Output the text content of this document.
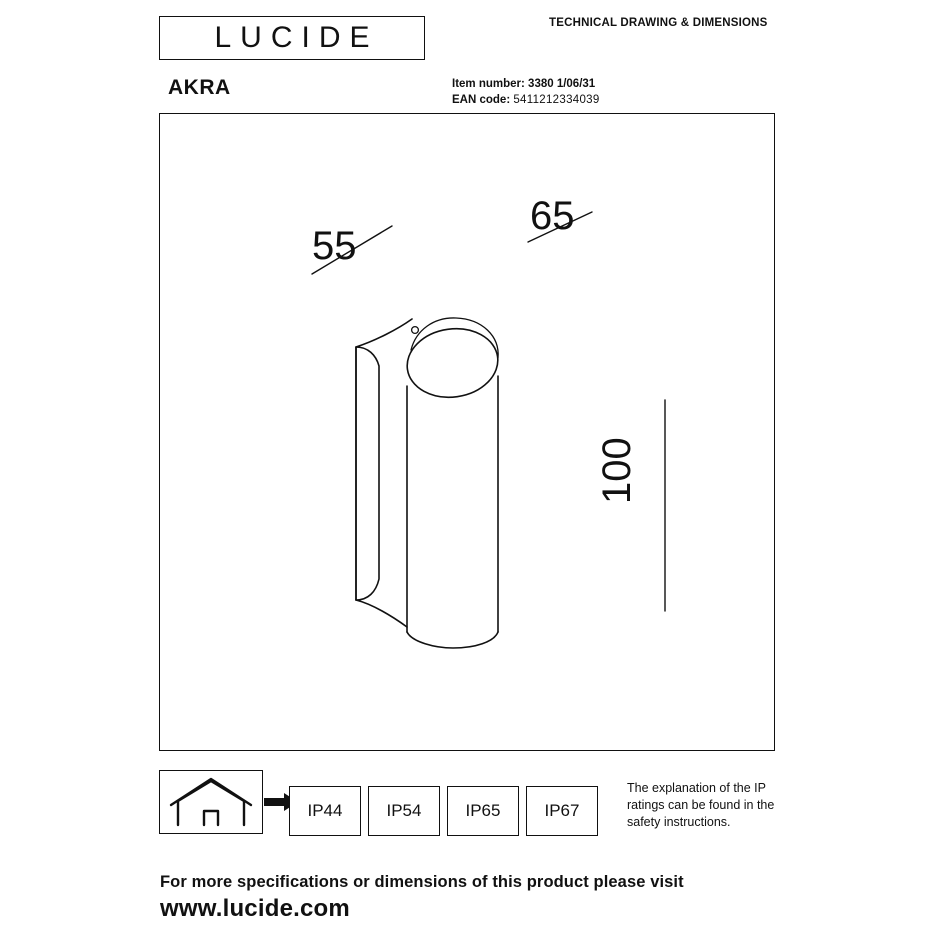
LUCIDE	TECHNICAL DRAWING & DIMENSIONS
AKRA	Item number: 3380 1/06/31
EAN code: 5411212334039
55
65
100
IP44	IP54	IP65	IP67
The explanation of the IP ratings can be found in the safety instructions.
For more specifications or dimensions of this product please visit
www.lucide.com
